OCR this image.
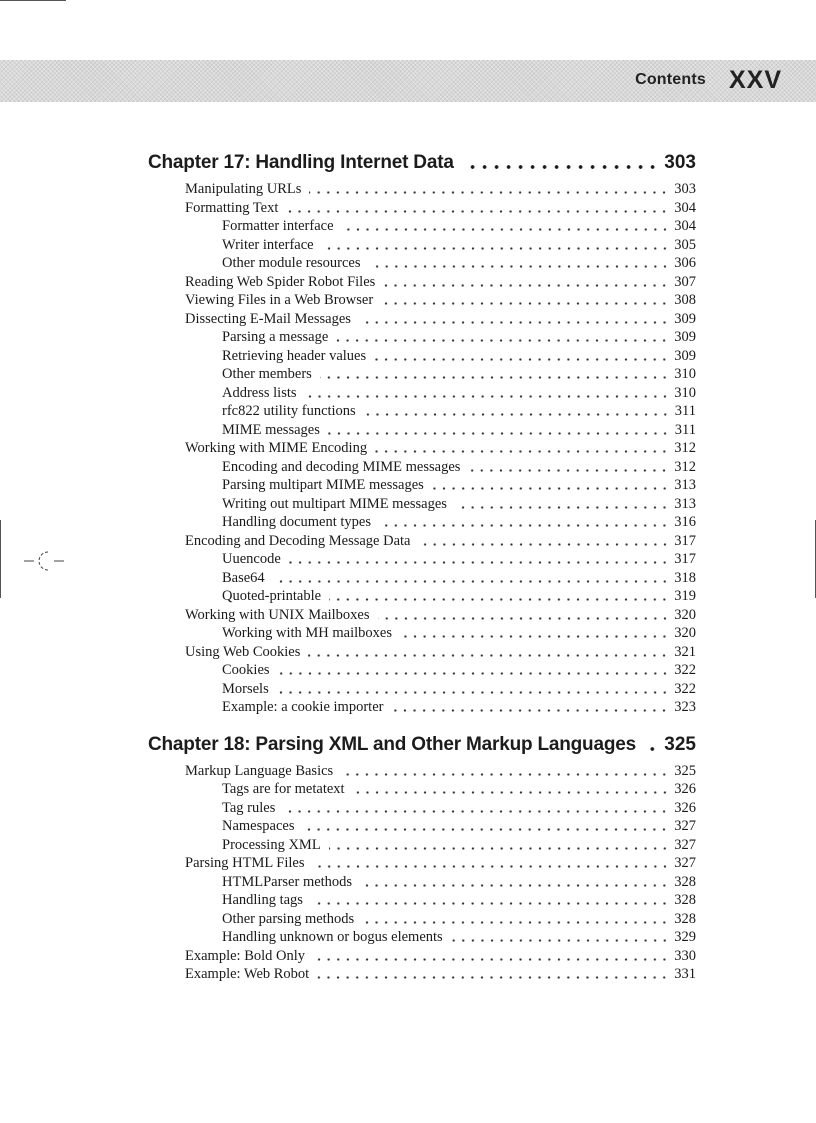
Contents XXV
Chapter 17: Handling Internet Data	303
Manipulating URLs	303
Formatting Text	304
Formatter interface	304
Writer interface	305
Other module resources	306
Reading Web Spider Robot Files	307
Viewing Files in a Web Browser	308
Dissecting E-Mail Messages	309
Parsing a message	309
Retrieving header values	309
Other members	310
Address lists	310
rfc822 utility functions	311
MIME messages	311
Working with MIME Encoding	312
Encoding and decoding MIME messages	312
Parsing multipart MIME messages	313
Writing out multipart MIME messages	313
Handling document types	316
Encoding and Decoding Message Data	317
Uuencode	317
Base64	318
Quoted-printable	319
Working with UNIX Mailboxes	320
Working with MH mailboxes	320
Using Web Cookies	321
Cookies	322
Morsels	322
Example: a cookie importer	323
Chapter 18: Parsing XML and Other Markup Languages 325
Markup Language Basics	325
Tags are for metatext	326
Tag rules	326
Namespaces	327
Processing XML	327
Parsing HTML Files	327
HTMLParser methods	328
Handling tags	328
Other parsing methods	328
Handling unknown or bogus elements	329
Example: Bold Only	330
Example: Web Robot	331
